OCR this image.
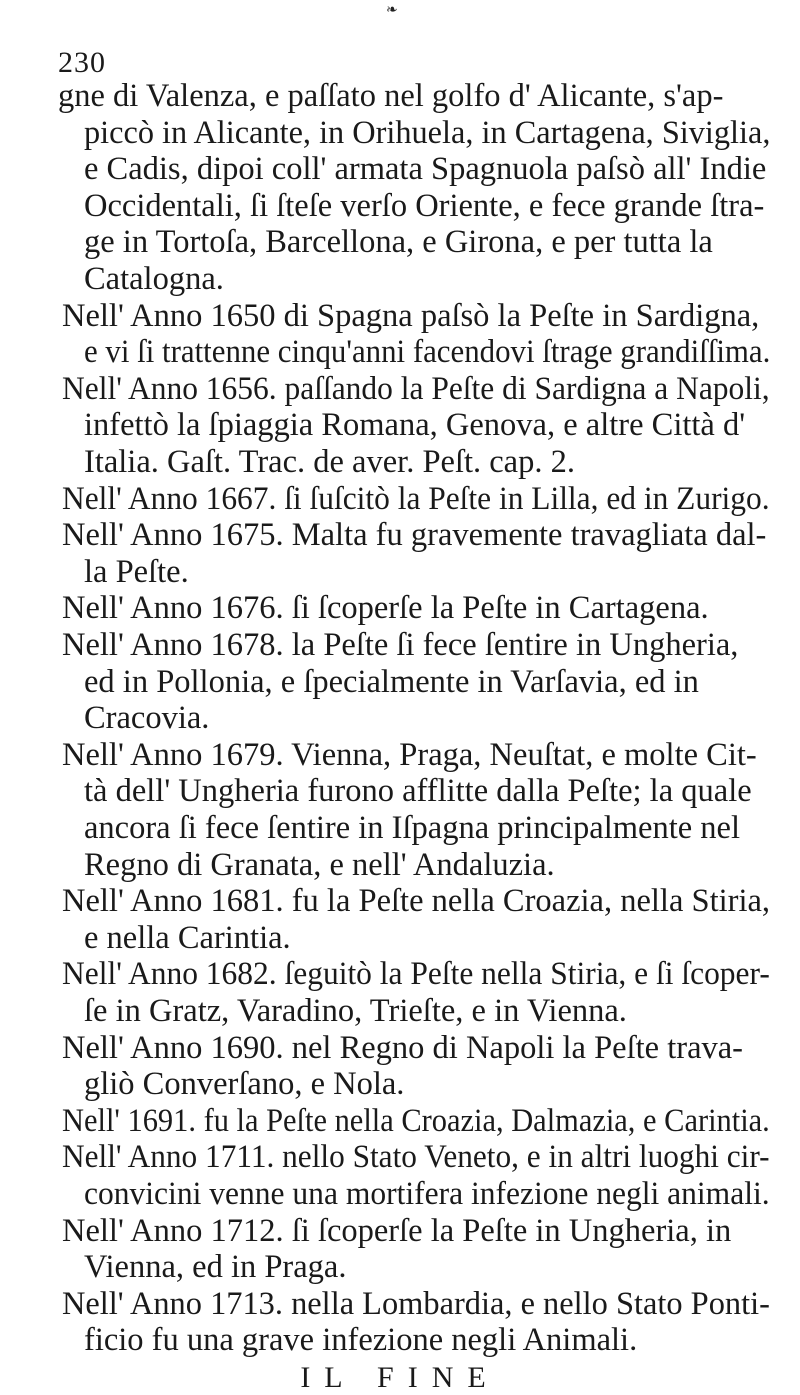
❧
230
gne di Valenza, e paſſato nel golfo d' Alicante, s'ap-
piccò in Alicante, in Orihuela, in Cartagena, Siviglia,
e Cadis, dipoi coll' armata Spagnuola paſsò all' Indie
Occidentali, ſi ſteſe verſo Oriente, e fece grande ſtra-
ge in Tortoſa, Barcellona, e Girona, e per tutta la
Catalogna.
Nell' Anno 1650 di Spagna paſsò la Peſte in Sardigna,
e vi ſi trattenne cinqu'anni facendovi ſtrage grandiſſima.
Nell' Anno 1656. paſſando la Peſte di Sardigna a Napoli,
infettò la ſpiaggia Romana, Genova, e altre Città d'
Italia. Gaſt. Trac. de aver. Peſt. cap. 2.
Nell' Anno 1667. ſi ſuſcitò la Peſte in Lilla, ed in Zurigo.
Nell' Anno 1675. Malta fu gravemente travagliata dal-
la Peſte.
Nell' Anno 1676. ſi ſcoperſe la Peſte in Cartagena.
Nell' Anno 1678. la Peſte ſi fece ſentire in Ungheria,
ed in Pollonia, e ſpecialmente in Varſavia, ed in
Cracovia.
Nell' Anno 1679. Vienna, Praga, Neuſtat, e molte Cit-
tà dell' Ungheria furono afflitte dalla Peſte; la quale
ancora ſi fece ſentire in Iſpagna principalmente nel
Regno di Granata, e nell' Andaluzia.
Nell' Anno 1681. fu la Peſte nella Croazia, nella Stiria,
e nella Carintia.
Nell' Anno 1682. ſeguitò la Peſte nella Stiria, e ſi ſcoper-
ſe in Gratz, Varadino, Trieſte, e in Vienna.
Nell' Anno 1690. nel Regno di Napoli la Peſte trava-
gliò Converſano, e Nola.
Nell' 1691. fu la Peſte nella Croazia, Dalmazia, e Carintia.
Nell' Anno 1711. nello Stato Veneto, e in altri luoghi cir-
convicini venne una mortifera infezione negli animali.
Nell' Anno 1712. ſi ſcoperſe la Peſte in Ungheria, in
Vienna, ed in Praga.
Nell' Anno 1713. nella Lombardia, e nello Stato Ponti-
ficio fu una grave infezione negli Animali.
IL FINE
